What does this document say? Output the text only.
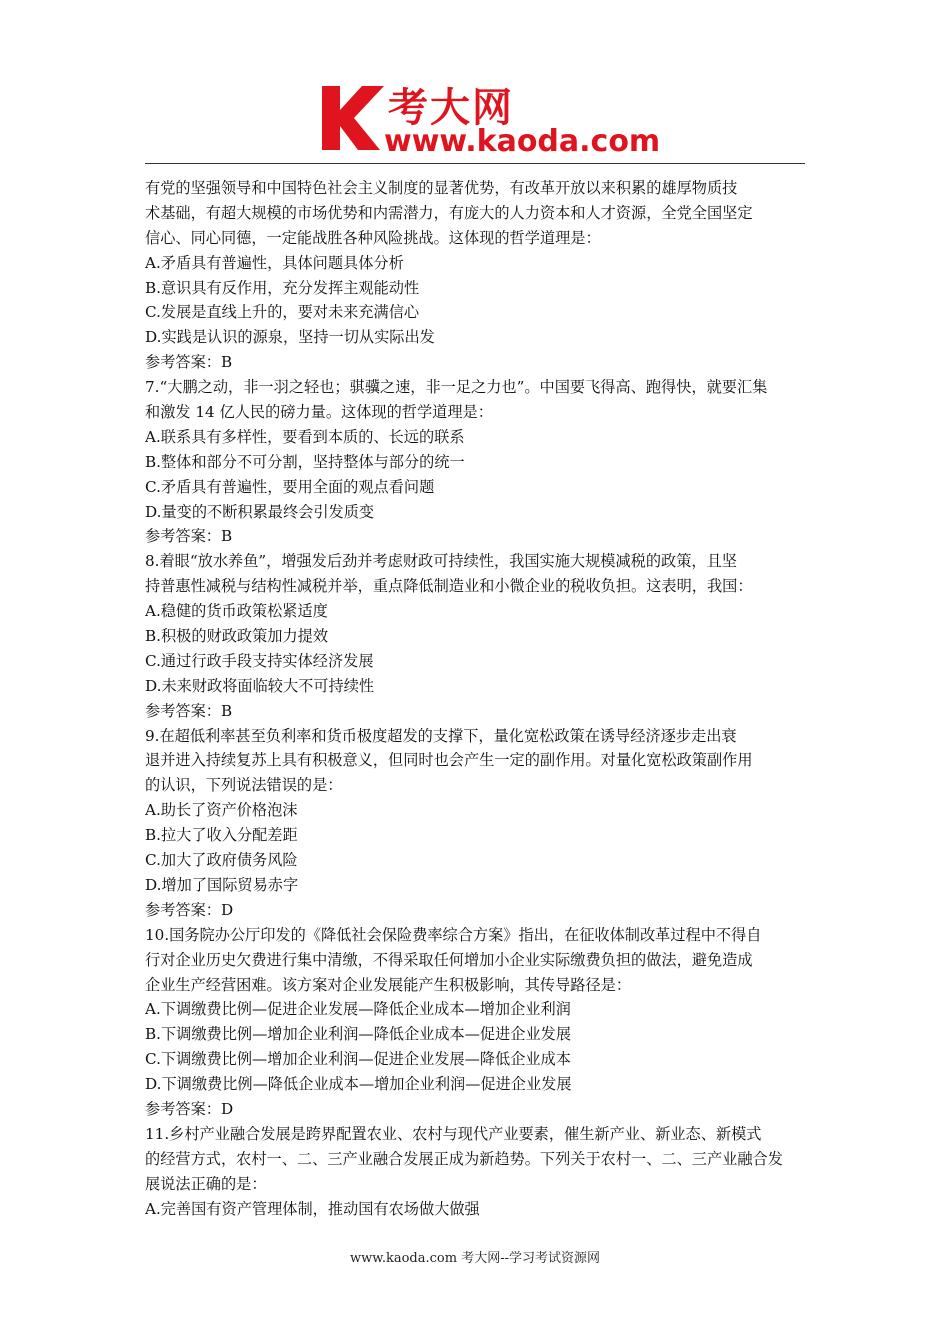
考大网
www.kaoda.com
有党的坚强领导和中国特色社会主义制度的显著优势，有改革开放以来积累的雄厚物质技
术基础，有超大规模的市场优势和内需潜力，有庞大的人力资本和人才资源，全党全国坚定
信心、同心同德，一定能战胜各种风险挑战。这体现的哲学道理是：
A.矛盾具有普遍性，具体问题具体分析
B.意识具有反作用，充分发挥主观能动性
C.发展是直线上升的，要对未来充满信心
D.实践是认识的源泉，坚持一切从实际出发
参考答案：B
7.“大鹏之动，非一羽之轻也；骐骥之速，非一足之力也”。中国要飞得高、跑得快，就要汇集
和激发 14 亿人民的磅力量。这体现的哲学道理是：
A.联系具有多样性，要看到本质的、长远的联系
B.整体和部分不可分割，坚持整体与部分的统一
C.矛盾具有普遍性，要用全面的观点看问题
D.量变的不断积累最终会引发质变
参考答案：B
8.着眼“放水养鱼”，增强发后劲并考虑财政可持续性，我国实施大规模减税的政策，且坚
持普惠性减税与结构性减税并举，重点降低制造业和小微企业的税收负担。这表明，我国：
A.稳健的货币政策松紧适度
B.积极的财政政策加力提效
C.通过行政手段支持实体经济发展
D.未来财政将面临较大不可持续性
参考答案：B
9.在超低利率甚至负利率和货币极度超发的支撑下，量化宽松政策在诱导经济逐步走出衰
退并进入持续复苏上具有积极意义，但同时也会产生一定的副作用。对量化宽松政策副作用
的认识，下列说法错误的是：
A.助长了资产价格泡沫
B.拉大了收入分配差距
C.加大了政府债务风险
D.增加了国际贸易赤字
参考答案：D
10.国务院办公厅印发的《降低社会保险费率综合方案》指出，在征收体制改革过程中不得自
行对企业历史欠费进行集中清缴，不得采取任何增加小企业实际缴费负担的做法，避免造成
企业生产经营困难。该方案对企业发展能产生积极影响，其传导路径是：
A.下调缴费比例—促进企业发展—降低企业成本—增加企业利润
B.下调缴费比例—增加企业利润—降低企业成本—促进企业发展
C.下调缴费比例—增加企业利润—促进企业发展—降低企业成本
D.下调缴费比例—降低企业成本—增加企业利润—促进企业发展
参考答案：D
11.乡村产业融合发展是跨界配置农业、农村与现代产业要素，催生新产业、新业态、新模式
的经营方式，农村一、二、三产业融合发展正成为新趋势。下列关于农村一、二、三产业融合发
展说法正确的是：
A.完善国有资产管理体制，推动国有农场做大做强
www.kaoda.com 考大网--学习考试资源网
